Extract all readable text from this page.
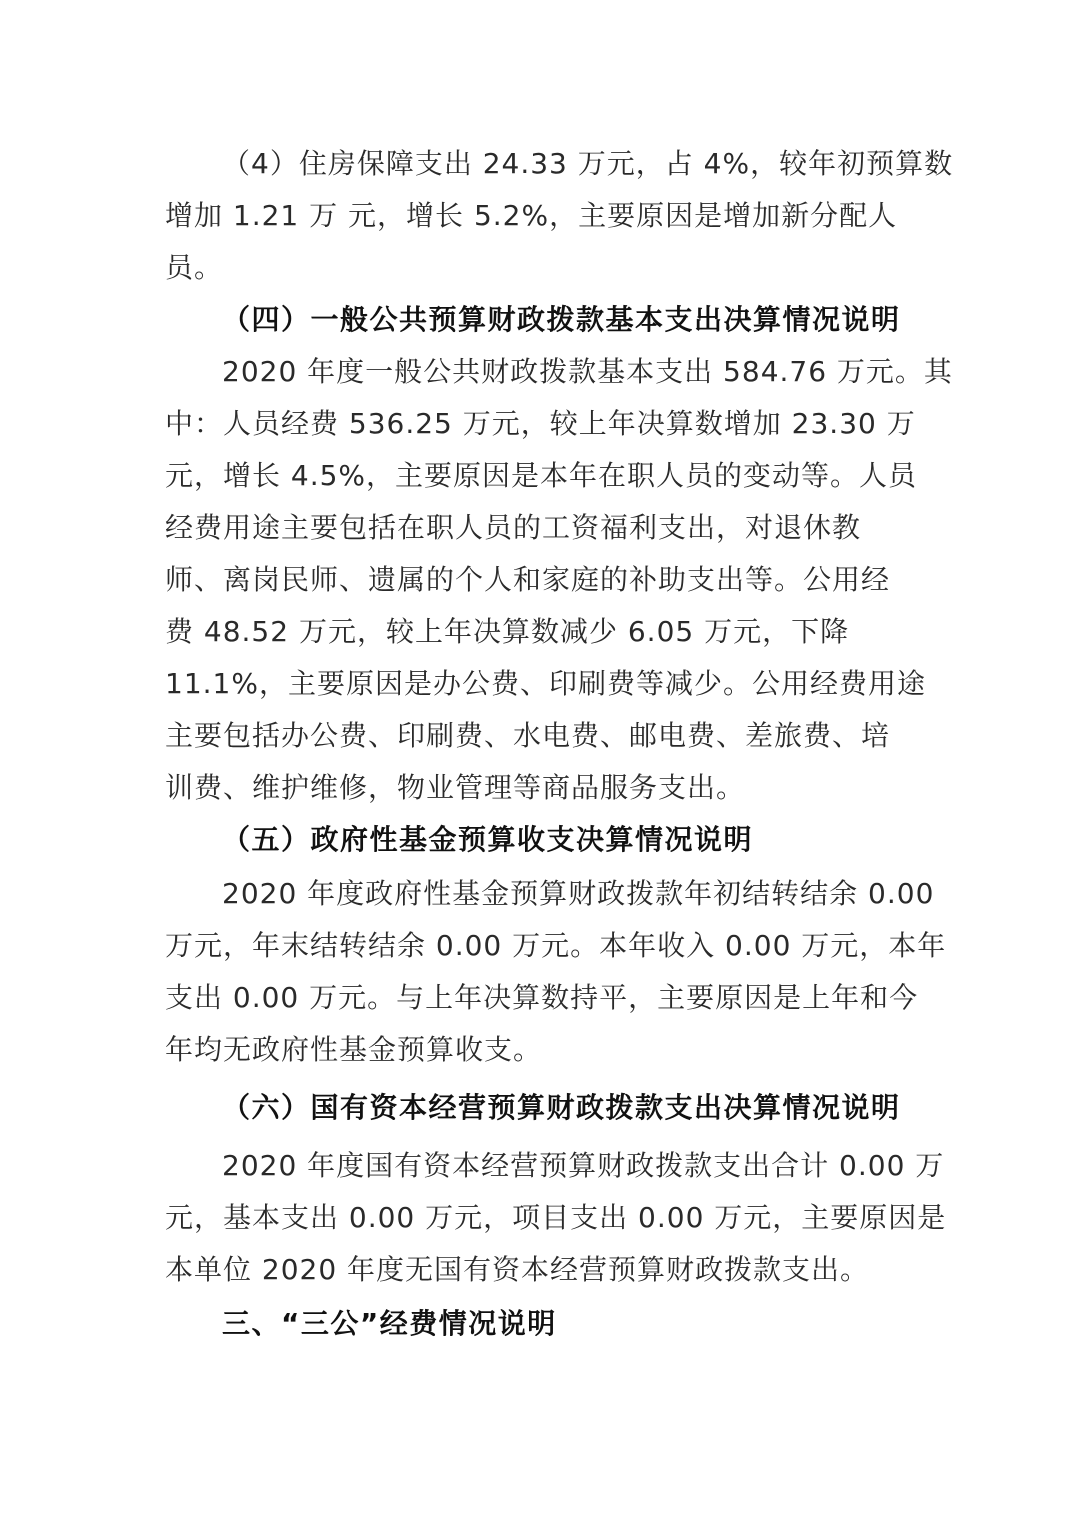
（4）住房保障支出 24.33 万元，占 4%，较年初预算数
增加 1.21 万 元，增长 5.2%，主要原因是增加新分配人
员。
（四）一般公共预算财政拨款基本支出决算情况说明
2020 年度一般公共财政拨款基本支出 584.76 万元。其
中：人员经费 536.25 万元，较上年决算数增加 23.30 万
元，增长 4.5%，主要原因是本年在职人员的变动等。人员
经费用途主要包括在职人员的工资福利支出，对退休教
师、离岗民师、遗属的个人和家庭的补助支出等。公用经
费 48.52 万元，较上年决算数减少 6.05 万元，下降
11.1%，主要原因是办公费、印刷费等减少。公用经费用途
主要包括办公费、印刷费、水电费、邮电费、差旅费、培
训费、维护维修，物业管理等商品服务支出。
（五）政府性基金预算收支决算情况说明
2020 年度政府性基金预算财政拨款年初结转结余 0.00
万元，年末结转结余 0.00 万元。本年收入 0.00 万元，本年
支出 0.00 万元。与上年决算数持平，主要原因是上年和今
年均无政府性基金预算收支。
（六）国有资本经营预算财政拨款支出决算情况说明
2020 年度国有资本经营预算财政拨款支出合计 0.00 万
元，基本支出 0.00 万元，项目支出 0.00 万元，主要原因是
本单位 2020 年度无国有资本经营预算财政拨款支出。
三、“三公”经费情况说明
